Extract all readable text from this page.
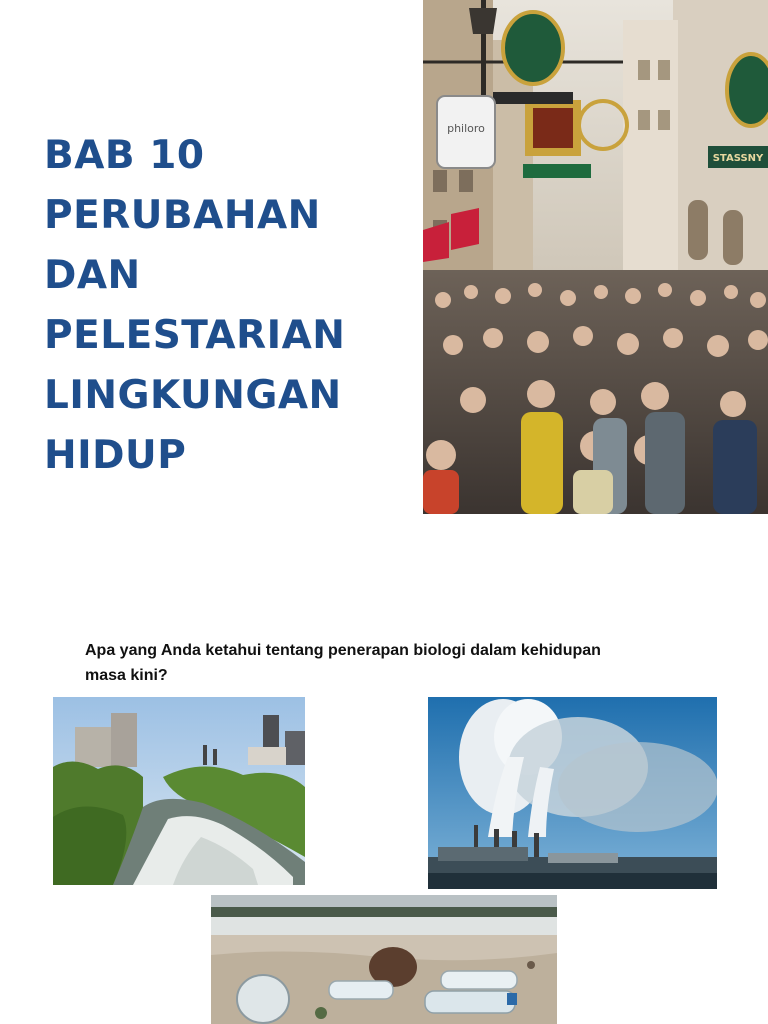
BAB 10
PERUBAHAN
DAN
PELESTARIAN
LINGKUNGAN
HIDUP
philoro
STASSNY

Apa yang Anda ketahui tentang penerapan biologi dalam kehidupan masa kini?
